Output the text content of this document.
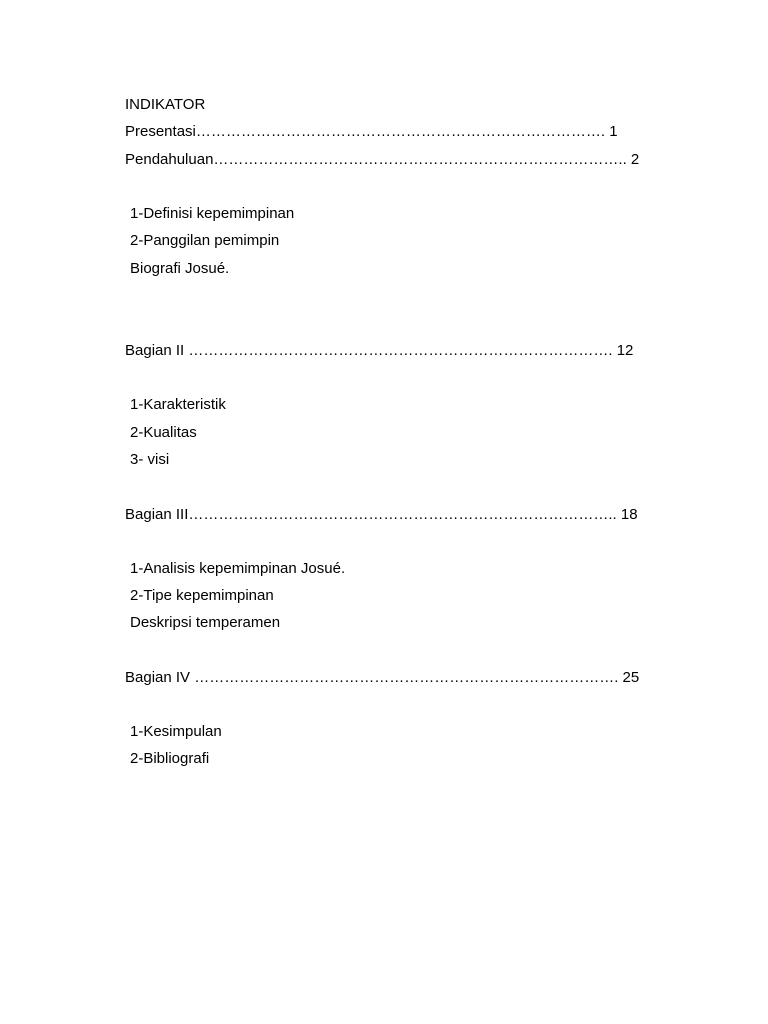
INDIKATOR
Presentasi………………………………………………………………………. 1
Pendahuluan……………………………………………………………………….. 2
1-Definisi kepemimpinan
2-Panggilan pemimpin
Biografi Josué.
Bagian II …………………………………………………………………………. 12
1-Karakteristik
2-Kualitas
3- visi
Bagian III………………………………………………………………………….. 18
1-Analisis kepemimpinan Josué.
2-Tipe kepemimpinan
Deskripsi temperamen
Bagian IV …………………………………………………………………………. 25
1-Kesimpulan
2-Bibliografi
